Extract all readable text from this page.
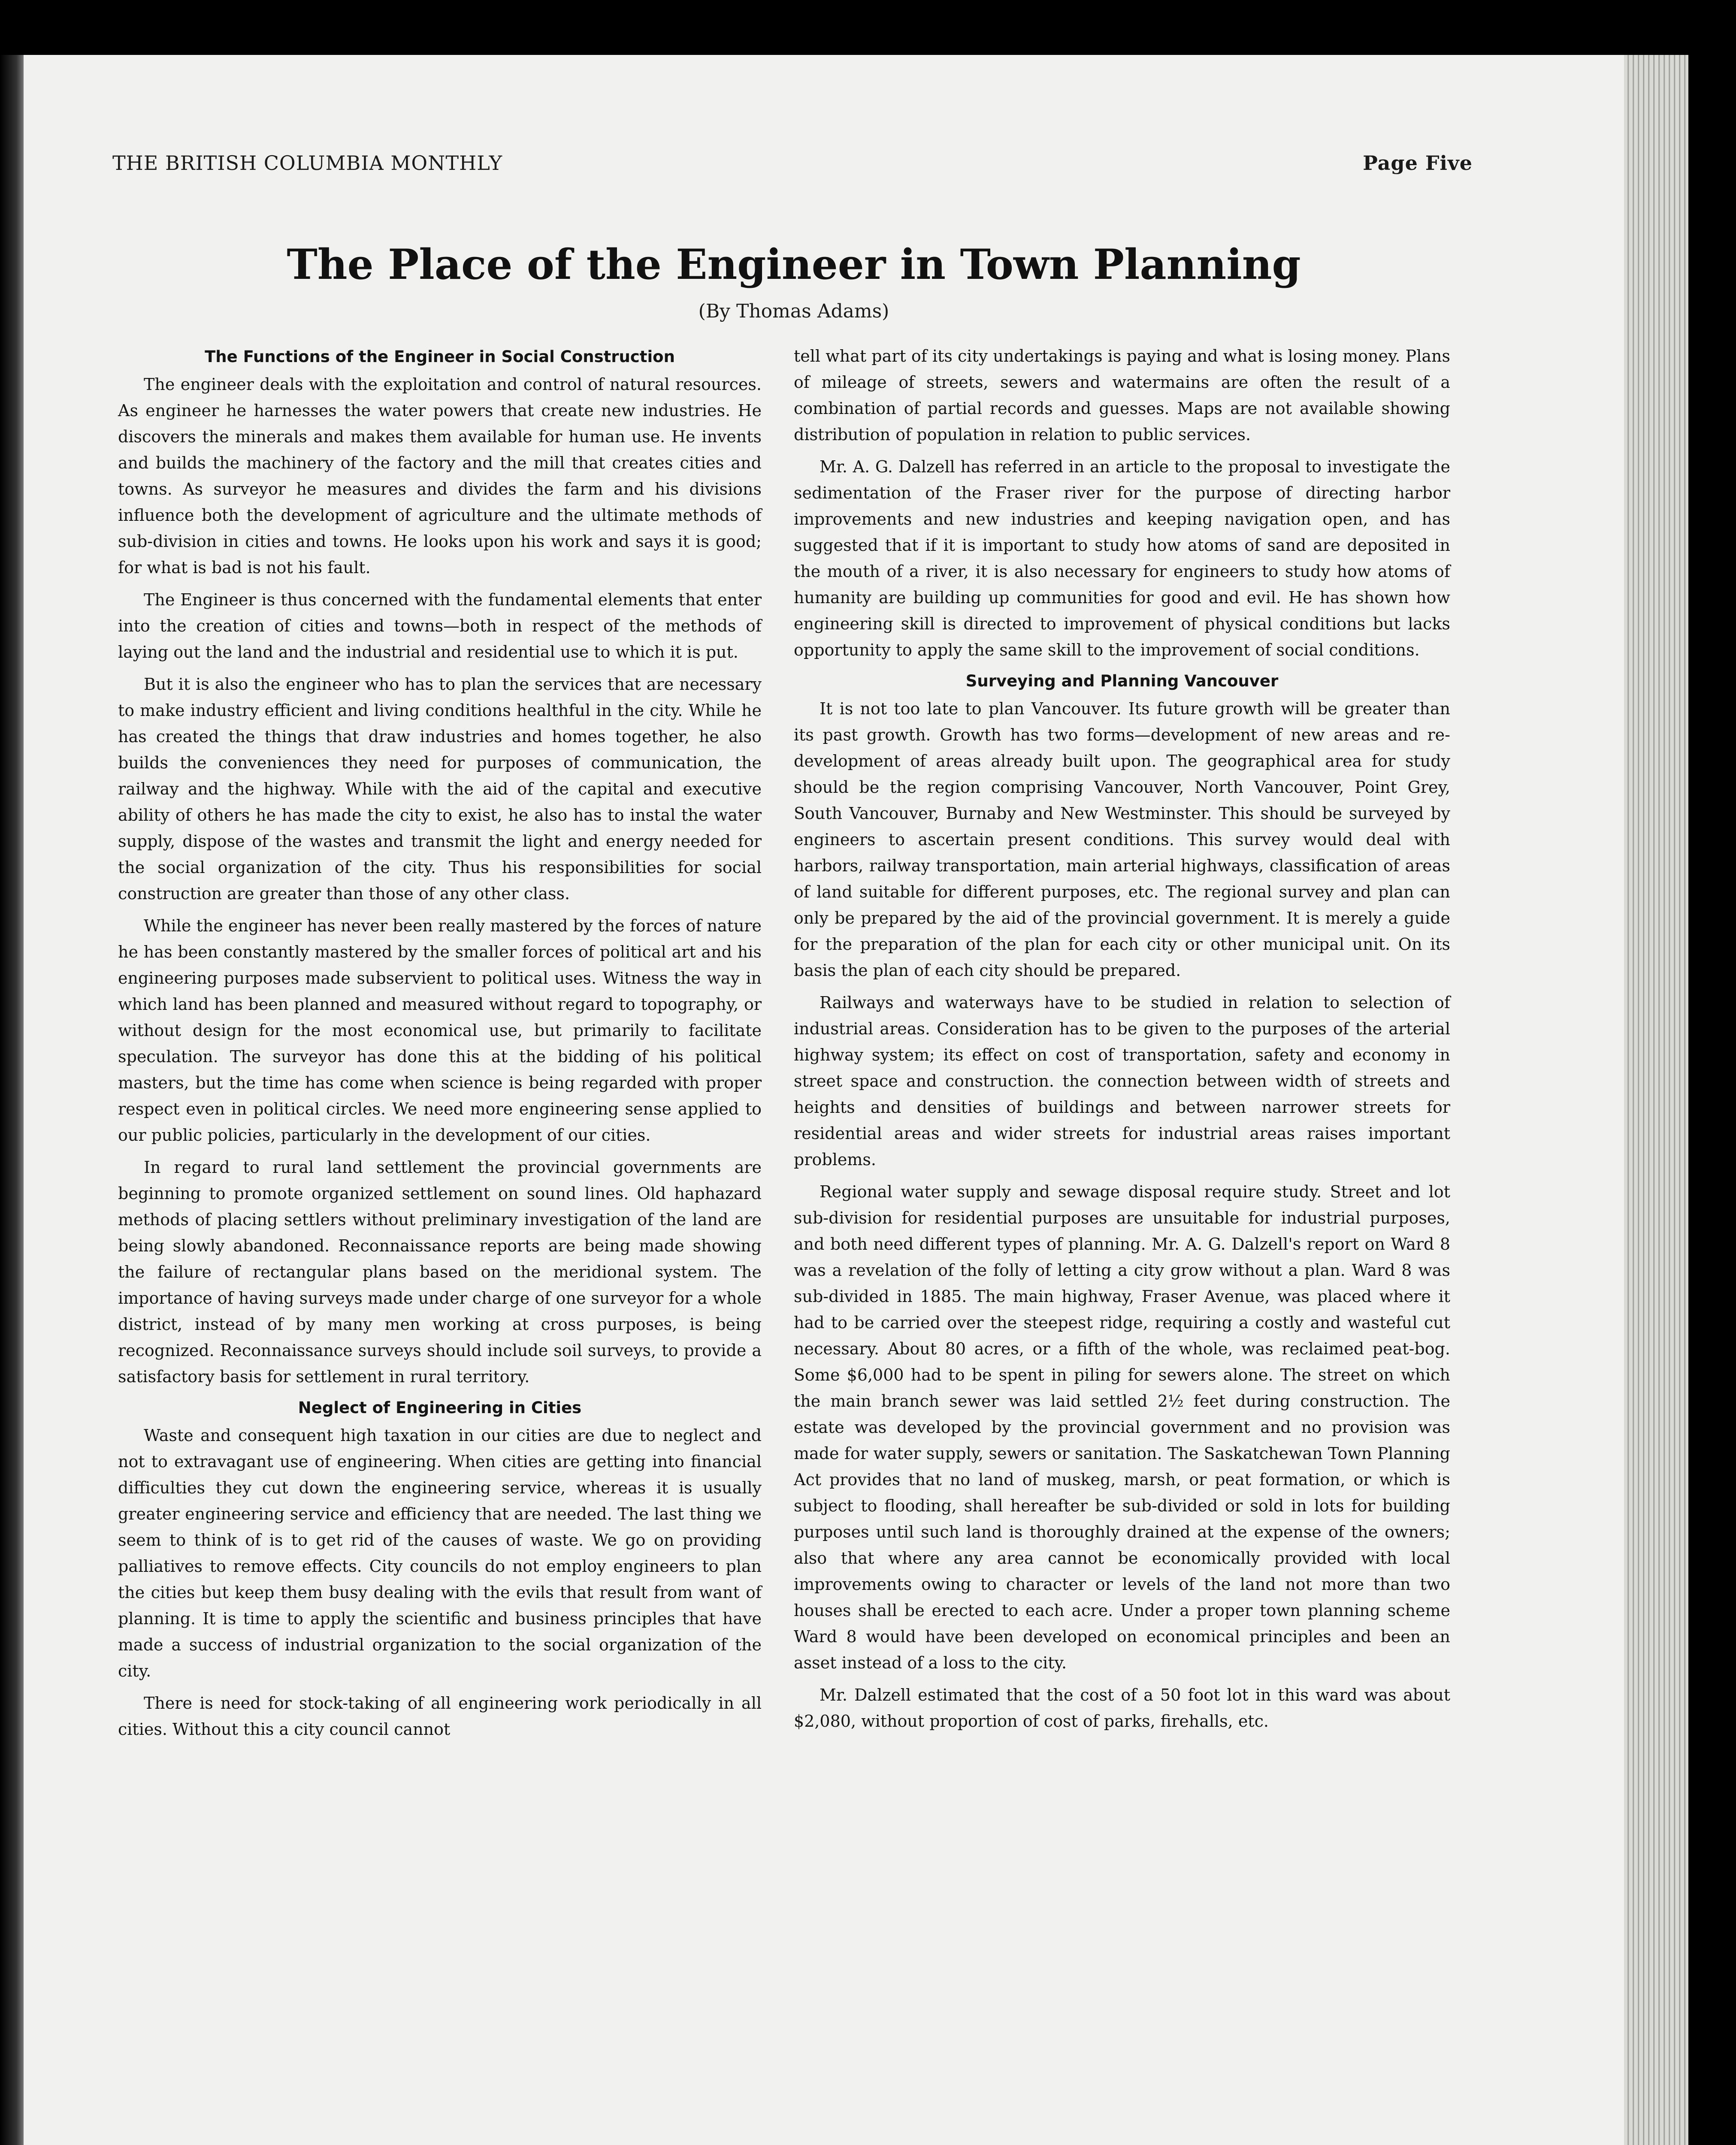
THE BRITISH COLUMBIA MONTHLY	Page Five
The Place of the Engineer in Town Planning
(By Thomas Adams)
The Functions of the Engineer in Social Construction

The engineer deals with the exploitation and control of natural resources. As engineer he harnesses the water powers that create new industries. He discovers the minerals and makes them available for human use. He invents and builds the machinery of the factory and the mill that creates cities and towns. As surveyor he measures and divides the farm and his divisions influence both the development of agriculture and the ultimate methods of sub-division in cities and towns. He looks upon his work and says it is good; for what is bad is not his fault.

The Engineer is thus concerned with the fundamental elements that enter into the creation of cities and towns—both in respect of the methods of laying out the land and the industrial and residential use to which it is put.

But it is also the engineer who has to plan the services that are necessary to make industry efficient and living conditions healthful in the city. While he has created the things that draw industries and homes together, he also builds the conveniences they need for purposes of communication, the railway and the highway. While with the aid of the capital and executive ability of others he has made the city to exist, he also has to instal the water supply, dispose of the wastes and transmit the light and energy needed for the social organization of the city. Thus his responsibilities for social construction are greater than those of any other class.

While the engineer has never been really mastered by the forces of nature he has been constantly mastered by the smaller forces of political art and his engineering purposes made subservient to political uses. Witness the way in which land has been planned and measured without regard to topography, or without design for the most economical use, but primarily to facilitate speculation. The surveyor has done this at the bidding of his political masters, but the time has come when science is being regarded with proper respect even in political circles. We need more engineering sense applied to our public policies, particularly in the development of our cities.

In regard to rural land settlement the provincial governments are beginning to promote organized settlement on sound lines. Old haphazard methods of placing settlers without preliminary investigation of the land are being slowly abandoned. Reconnaissance reports are being made showing the failure of rectangular plans based on the meridional system. The importance of having surveys made under charge of one surveyor for a whole district, instead of by many men working at cross purposes, is being recognized. Reconnaissance surveys should include soil surveys, to provide a satisfactory basis for settlement in rural territory.

Neglect of Engineering in Cities

Waste and consequent high taxation in our cities are due to neglect and not to extravagant use of engineering. When cities are getting into financial difficulties they cut down the engineering service, whereas it is usually greater engineering service and efficiency that are needed. The last thing we seem to think of is to get rid of the causes of waste. We go on providing palliatives to remove effects. City councils do not employ engineers to plan the cities but keep them busy dealing with the evils that result from want of planning. It is time to apply the scientific and business principles that have made a success of industrial organization to the social organization of the city.

There is need for stock-taking of all engineering work periodically in all cities. Without this a city council cannot

tell what part of its city undertakings is paying and what is losing money. Plans of mileage of streets, sewers and watermains are often the result of a combination of partial records and guesses. Maps are not available showing distribution of population in relation to public services.

Mr. A. G. Dalzell has referred in an article to the proposal to investigate the sedimentation of the Fraser river for the purpose of directing harbor improvements and new industries and keeping navigation open, and has suggested that if it is important to study how atoms of sand are deposited in the mouth of a river, it is also necessary for engineers to study how atoms of humanity are building up communities for good and evil. He has shown how engineering skill is directed to improvement of physical conditions but lacks opportunity to apply the same skill to the improvement of social conditions.

Surveying and Planning Vancouver

It is not too late to plan Vancouver. Its future growth will be greater than its past growth. Growth has two forms—development of new areas and re-development of areas already built upon. The geographical area for study should be the region comprising Vancouver, North Vancouver, Point Grey, South Vancouver, Burnaby and New Westminster. This should be surveyed by engineers to ascertain present conditions. This survey would deal with harbors, railway transportation, main arterial highways, classification of areas of land suitable for different purposes, etc. The regional survey and plan can only be prepared by the aid of the provincial government. It is merely a guide for the preparation of the plan for each city or other municipal unit. On its basis the plan of each city should be prepared.

Railways and waterways have to be studied in relation to selection of industrial areas. Consideration has to be given to the purposes of the arterial highway system; its effect on cost of transportation, safety and economy in street space and construction. the connection between width of streets and heights and densities of buildings and between narrower streets for residential areas and wider streets for industrial areas raises important problems.

Regional water supply and sewage disposal require study. Street and lot sub-division for residential purposes are unsuitable for industrial purposes, and both need different types of planning. Mr. A. G. Dalzell's report on Ward 8 was a revelation of the folly of letting a city grow without a plan. Ward 8 was sub-divided in 1885. The main highway, Fraser Avenue, was placed where it had to be carried over the steepest ridge, requiring a costly and wasteful cut necessary. About 80 acres, or a fifth of the whole, was reclaimed peat-bog. Some $6,000 had to be spent in piling for sewers alone. The street on which the main branch sewer was laid settled 2½ feet during construction. The estate was developed by the provincial government and no provision was made for water supply, sewers or sanitation. The Saskatchewan Town Planning Act provides that no land of muskeg, marsh, or peat formation, or which is subject to flooding, shall hereafter be sub-divided or sold in lots for building purposes until such land is thoroughly drained at the expense of the owners; also that where any area cannot be economically provided with local improvements owing to character or levels of the land not more than two houses shall be erected to each acre. Under a proper town planning scheme Ward 8 would have been developed on economical principles and been an asset instead of a loss to the city.

Mr. Dalzell estimated that the cost of a 50 foot lot in this ward was about $2,080, without proportion of cost of parks, firehalls, etc.
